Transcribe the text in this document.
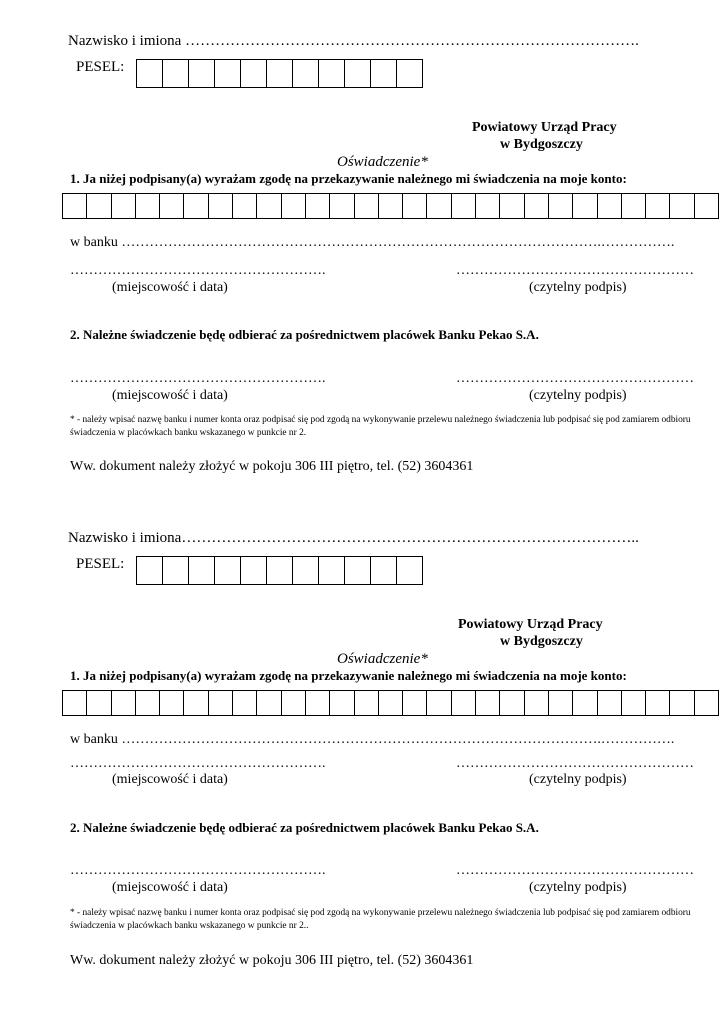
Nazwisko i imiona ……………………………………………………………………………….
PESEL:
Powiatowy Urząd Pracy
w Bydgoszczy
Oświadczenie*
1. Ja niżej podpisany(a) wyrażam zgodę na przekazywanie należnego mi świadczenia na moje konto:
w banku ………………………………………………………………………………………….…………….
……………………………………………….	……………………………………………
(miejscowość i data)	(czytelny podpis)
2. Należne świadczenie będę odbierać za pośrednictwem placówek Banku Pekao S.A.
……………………………………………….	……………………………………………
(miejscowość i data)	(czytelny podpis)
* - należy wpisać nazwę banku i numer konta oraz podpisać się pod zgodą na wykonywanie przelewu należnego świadczenia lub podpisać się pod zamiarem odbioru świadczenia w placówkach banku wskazanego w punkcie nr 2.
Ww. dokument należy złożyć w pokoju 306 III piętro, tel. (52) 3604361
Nazwisko i imiona………………………………………………………………………………..
PESEL:
Powiatowy Urząd Pracy
w Bydgoszczy
Oświadczenie*
1. Ja niżej podpisany(a) wyrażam zgodę na przekazywanie należnego mi świadczenia na moje konto:
w banku ………………………………………………………………………………………….…………….
……………………………………………….	……………………………………………
(miejscowość i data)	(czytelny podpis)
2. Należne świadczenie będę odbierać za pośrednictwem placówek Banku Pekao S.A.
……………………………………………….	……………………………………………
(miejscowość i data)	(czytelny podpis)
* - należy wpisać nazwę banku i numer konta oraz podpisać się pod zgodą na wykonywanie przelewu należnego świadczenia lub podpisać się pod zamiarem odbioru świadczenia w placówkach banku wskazanego w punkcie nr 2..
Ww. dokument należy złożyć w pokoju 306 III piętro, tel. (52) 3604361
